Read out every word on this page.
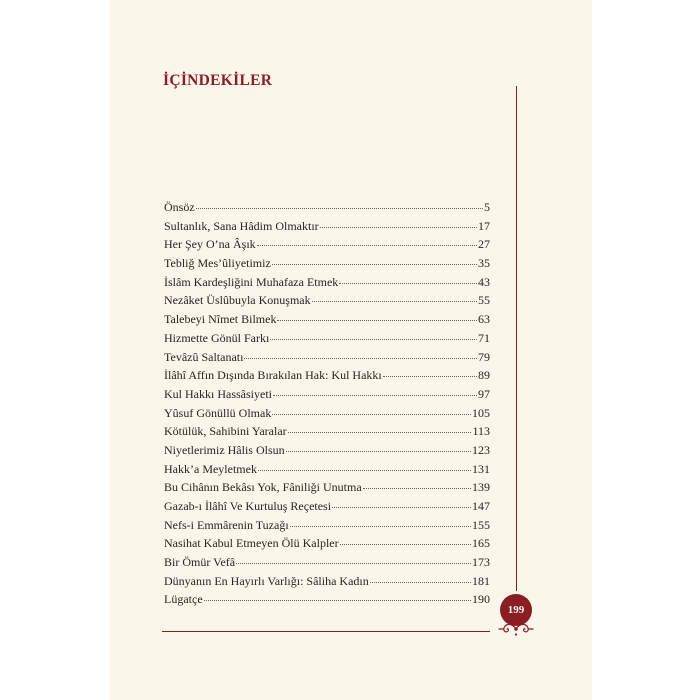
İÇİNDEKİLER
Önsöz	5
Sultanlık, Sana Hâdim Olmaktır	17
Her Şey O’na Âşık	27
Tebliğ Mes’ûliyetimiz	35
İslâm Kardeşliğini Muhafaza Etmek	43
Nezâket Üslûbuyla Konuşmak	55
Talebeyi Nîmet Bilmek	63
Hizmette Gönül Farkı	71
Tevâzû Saltanatı	79
İlâhî Affın Dışında Bırakılan Hak: Kul Hakkı	89
Kul Hakkı Hassâsiyeti	97
Yûsuf Gönüllü Olmak	105
Kötülük, Sahibini Yaralar	113
Niyetlerimiz Hâlis Olsun	123
Hakk’a Meyletmek	131
Bu Cihânın Bekâsı Yok, Fâniliği Unutma	139
Gazab-ı İlâhî Ve Kurtuluş Reçetesi	147
Nefs-i Emmârenin Tuzağı	155
Nasihat Kabul Etmeyen Ölü Kalpler	165
Bir Ömür Vefâ	173
Dünyanın En Hayırlı Varlığı: Sâliha Kadın	181
Lügatçe	190
199
